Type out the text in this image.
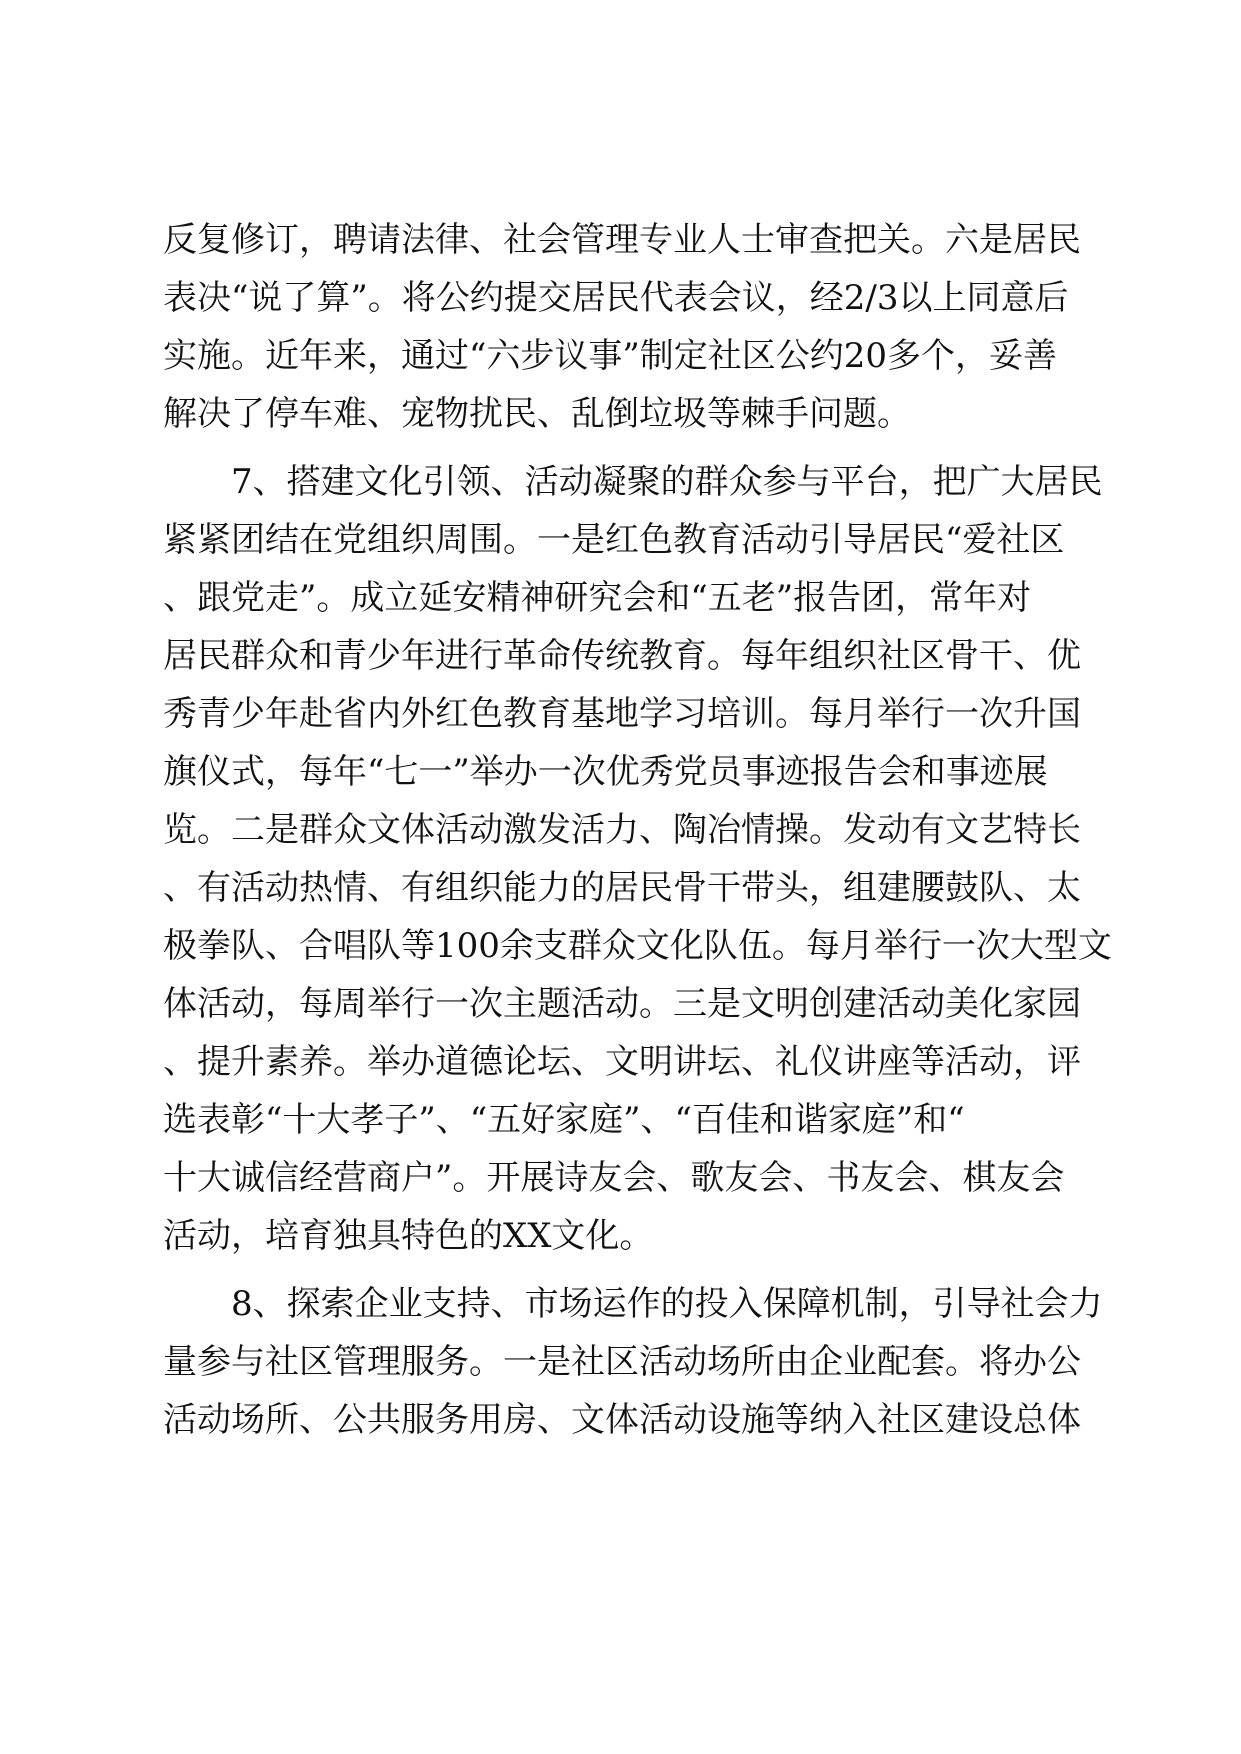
反复修订，聘请法律、社会管理专业人士审查把关。六是居民
表决“说了算”。将公约提交居民代表会议，经2/3以上同意后
实施。近年来，通过“六步议事”制定社区公约20多个，妥善
解决了停车难、宠物扰民、乱倒垃圾等棘手问题。
7、搭建文化引领、活动凝聚的群众参与平台，把广大居民
紧紧团结在党组织周围。一是红色教育活动引导居民“爱社区
、跟党走”。成立延安精神研究会和“五老”报告团，常年对
居民群众和青少年进行革命传统教育。每年组织社区骨干、优
秀青少年赴省内外红色教育基地学习培训。每月举行一次升国
旗仪式，每年“七一”举办一次优秀党员事迹报告会和事迹展
览。二是群众文体活动激发活力、陶冶情操。发动有文艺特长
、有活动热情、有组织能力的居民骨干带头，组建腰鼓队、太
极拳队、合唱队等100余支群众文化队伍。每月举行一次大型文
体活动，每周举行一次主题活动。三是文明创建活动美化家园
、提升素养。举办道德论坛、文明讲坛、礼仪讲座等活动，评
选表彰“十大孝子”、“五好家庭”、“百佳和谐家庭”和“
十大诚信经营商户”。开展诗友会、歌友会、书友会、棋友会
活动，培育独具特色的XX文化。
8、探索企业支持、市场运作的投入保障机制，引导社会力
量参与社区管理服务。一是社区活动场所由企业配套。将办公
活动场所、公共服务用房、文体活动设施等纳入社区建设总体
